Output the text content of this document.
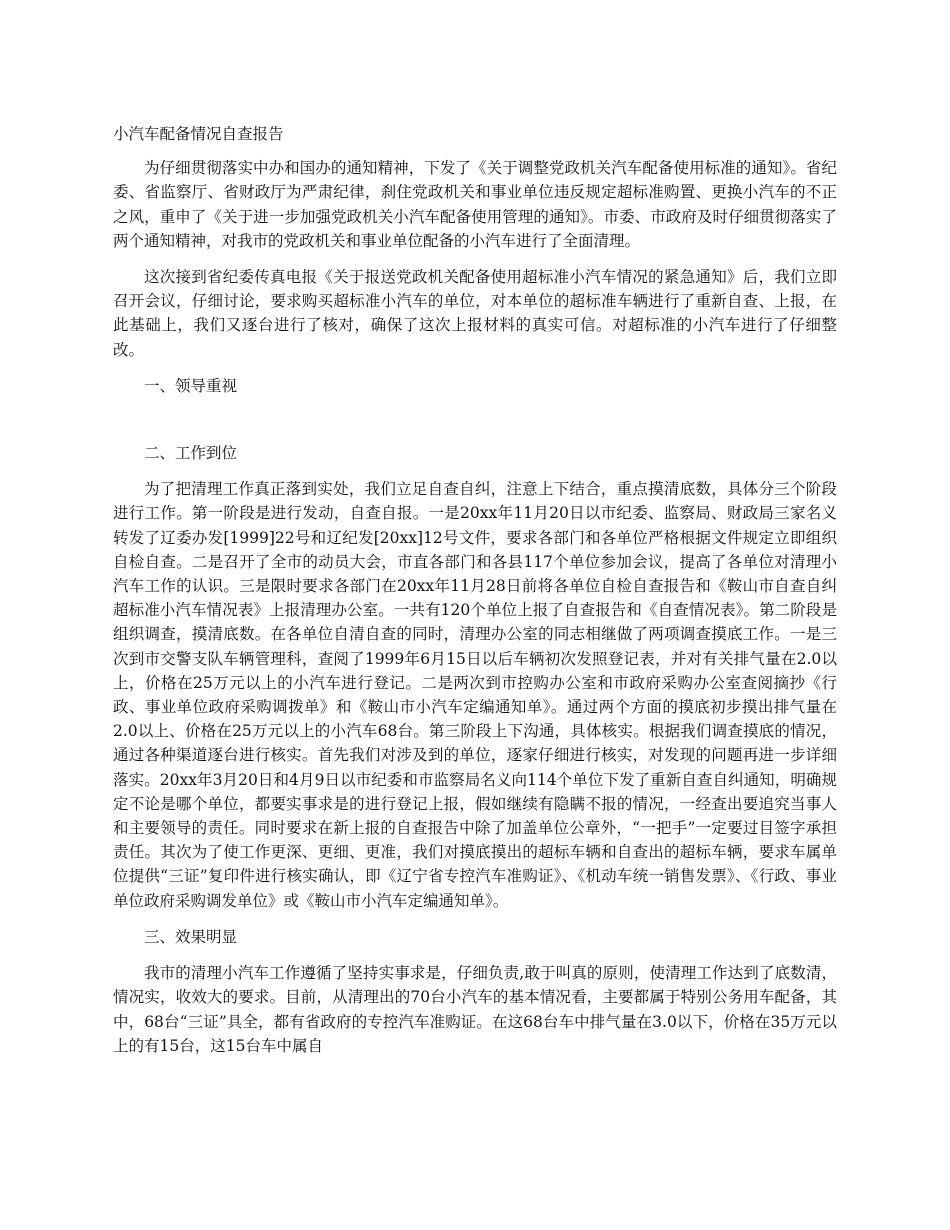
小汽车配备情况自查报告

为仔细贯彻落实中办和国办的通知精神，下发了《关于调整党政机关汽车配备使用标准的通知》。省纪委、省监察厅、省财政厅为严肃纪律，刹住党政机关和事业单位违反规定超标准购置、更换小汽车的不正之风，重申了《关于进一步加强党政机关小汽车配备使用管理的通知》。市委、市政府及时仔细贯彻落实了两个通知精神，对我市的党政机关和事业单位配备的小汽车进行了全面清理。

这次接到省纪委传真电报《关于报送党政机关配备使用超标准小汽车情况的紧急通知》后，我们立即召开会议，仔细讨论，要求购买超标准小汽车的单位，对本单位的超标准车辆进行了重新自查、上报，在此基础上，我们又逐台进行了核对，确保了这次上报材料的真实可信。对超标准的小汽车进行了仔细整改。

一、领导重视
二、工作到位

为了把清理工作真正落到实处，我们立足自查自纠，注意上下结合，重点摸清底数，具体分三个阶段进行工作。第一阶段是进行发动，自查自报。一是20xx年11月20日以市纪委、监察局、财政局三家名义转发了辽委办发[1999]22号和辽纪发[20xx]12号文件，要求各部门和各单位严格根据文件规定立即组织自检自查。二是召开了全市的动员大会，市直各部门和各县117个单位参加会议，提高了各单位对清理小汽车工作的认识。三是限时要求各部门在20xx年11月28日前将各单位自检自查报告和《鞍山市自查自纠超标准小汽车情况表》上报清理办公室。一共有120个单位上报了自查报告和《自查情况表》。第二阶段是组织调查，摸清底数。在各单位自清自查的同时，清理办公室的同志相继做了两项调查摸底工作。一是三次到市交警支队车辆管理科，查阅了1999年6月15日以后车辆初次发照登记表，并对有关排气量在2.0以上，价格在25万元以上的小汽车进行登记。二是两次到市控购办公室和市政府采购办公室查阅摘抄《行政、事业单位政府采购调拨单》和《鞍山市小汽车定编通知单》。通过两个方面的摸底初步摸出排气量在2.0以上、价格在25万元以上的小汽车68台。第三阶段上下沟通，具体核实。根据我们调查摸底的情况，通过各种渠道逐台进行核实。首先我们对涉及到的单位，逐家仔细进行核实，对发现的问题再进一步详细落实。20xx年3月20日和4月9日以市纪委和市监察局名义向114个单位下发了重新自查自纠通知，明确规定不论是哪个单位，都要实事求是的进行登记上报，假如继续有隐瞒不报的情况，一经查出要追究当事人和主要领导的责任。同时要求在新上报的自查报告中除了加盖单位公章外，“一把手”一定要过目签字承担责任。其次为了使工作更深、更细、更准，我们对摸底摸出的超标车辆和自查出的超标车辆，要求车属单位提供“三证”复印件进行核实确认，即《辽宁省专控汽车准购证》、《机动车统一销售发票》、《行政、事业单位政府采购调发单位》或《鞍山市小汽车定编通知单》。

三、效果明显

我市的清理小汽车工作遵循了坚持实事求是，仔细负责,敢于叫真的原则，使清理工作达到了底数清，情况实，收效大的要求。目前，从清理出的70台小汽车的基本情况看，主要都属于特别公务用车配备，其中，68台“三证”具全，都有省政府的专控汽车准购证。在这68台车中排气量在3.0以下，价格在35万元以上的有15台，这15台车中属自
